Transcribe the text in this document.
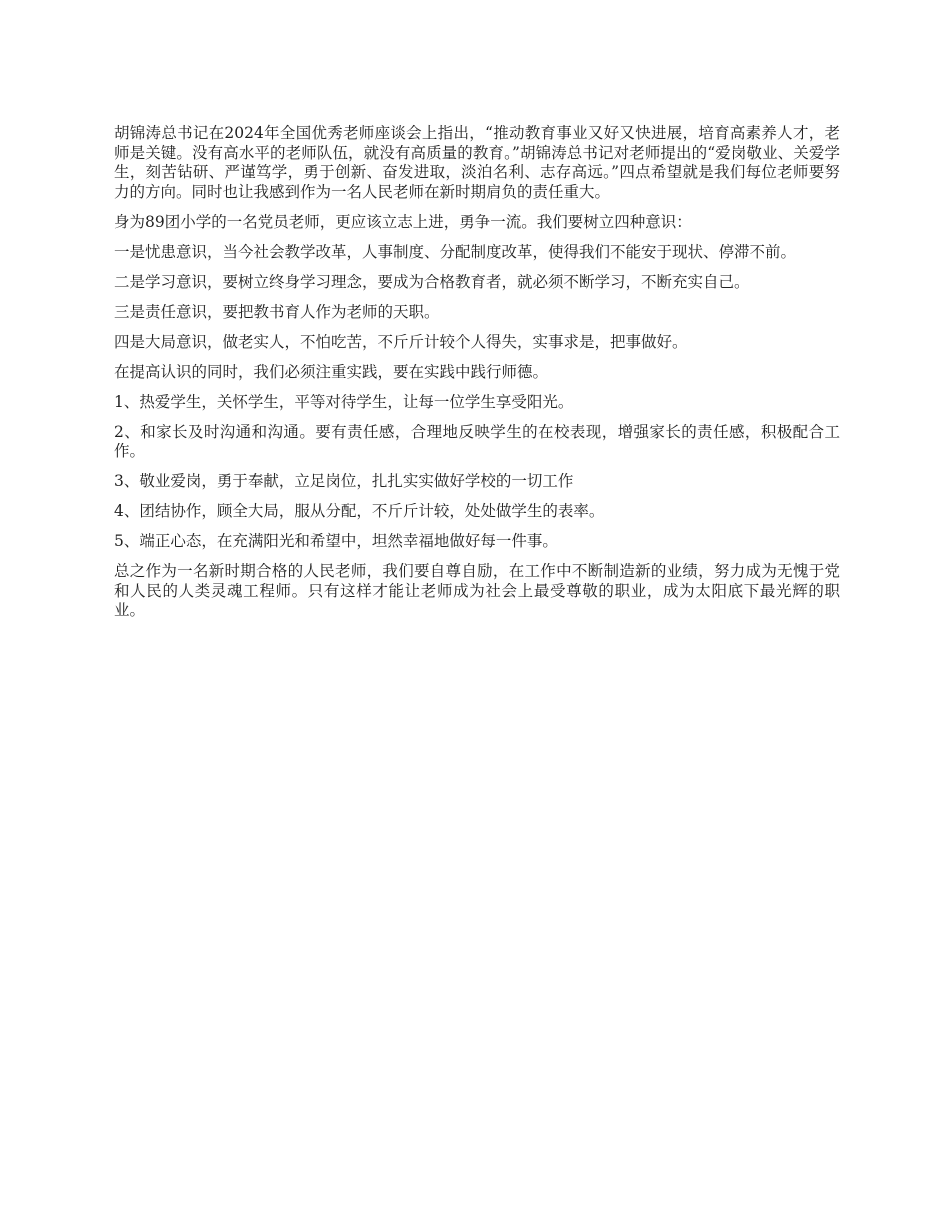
胡锦涛总书记在2024年全国优秀老师座谈会上指出，“推动教育事业又好又快进展，培育高素养人才，老师是关键。没有高水平的老师队伍，就没有高质量的教育。”胡锦涛总书记对老师提出的“爱岗敬业、关爱学生，刻苦钻研、严谨笃学，勇于创新、奋发进取，淡泊名利、志存高远。”四点希望就是我们每位老师要努力的方向。同时也让我感到作为一名人民老师在新时期肩负的责任重大。

身为89团小学的一名党员老师，更应该立志上进，勇争一流。我们要树立四种意识：

一是忧患意识，当今社会教学改革，人事制度、分配制度改革，使得我们不能安于现状、停滞不前。

二是学习意识，要树立终身学习理念，要成为合格教育者，就必须不断学习，不断充实自己。

三是责任意识，要把教书育人作为老师的天职。

四是大局意识，做老实人，不怕吃苦，不斤斤计较个人得失，实事求是，把事做好。

在提高认识的同时，我们必须注重实践，要在实践中践行师德。

1、热爱学生，关怀学生，平等对待学生，让每一位学生享受阳光。

2、和家长及时沟通和沟通。要有责任感，合理地反映学生的在校表现，增强家长的责任感，积极配合工作。

3、敬业爱岗，勇于奉献，立足岗位，扎扎实实做好学校的一切工作

4、团结协作，顾全大局，服从分配，不斤斤计较，处处做学生的表率。

5、端正心态，在充满阳光和希望中，坦然幸福地做好每一件事。

总之作为一名新时期合格的人民老师，我们要自尊自励，在工作中不断制造新的业绩，努力成为无愧于党和人民的人类灵魂工程师。只有这样才能让老师成为社会上最受尊敬的职业，成为太阳底下最光辉的职业。
